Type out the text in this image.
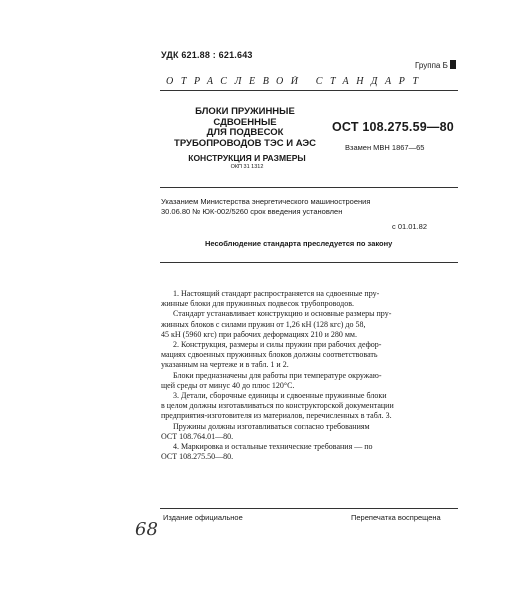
УДК 621.88 : 621.643
Группа Б
ОТРАСЛЕВОЙ СТАНДАРТ
БЛОКИ ПРУЖИННЫЕ
СДВОЕННЫЕ
ДЛЯ ПОДВЕСОК
ТРУБОПРОВОДОВ ТЭС И АЭС
КОНСТРУКЦИЯ И РАЗМЕРЫ
ОКП 31 1312
ОСТ 108.275.59—80
Взамен МВН 1867—65
Указанием Министерства энергетического машиностроения
30.06.80 № ЮК-002/5260 срок введения установлен
с 01.01.82
Несоблюдение стандарта преследуется по закону

1. Настоящий стандарт распространяется на сдвоенные пру-
жинные блоки для пружинных подвесок трубопроводов.

Стандарт устанавливает конструкцию и основные размеры пру-
жинных блоков с силами пружин от 1,26 кН (128 кгс) до 58,
45 кН (5960 кгс) при рабочих деформациях 210 и 280 мм.

2. Конструкция, размеры и силы пружин при рабочих дефор-
мациях сдвоенных пружинных блоков должны соответствовать
указанным на чертеже и в табл. 1 и 2.

Блоки предназначены для работы при температуре окружаю-
щей среды от минус 40 до плюс 120°С.

3. Детали, сборочные единицы и сдвоенные пружинные блоки
в целом должны изготавливаться по конструкторской документации
предприятия-изготовителя из материалов, перечисленных в табл. 3.

Пружины должны изготавливаться согласно требованиям
ОСТ 108.764.01—80.

4. Маркировка и остальные технические требования — по
ОСТ 108.275.50—80.

Издание официальное	Перепечатка воспрещена
68
